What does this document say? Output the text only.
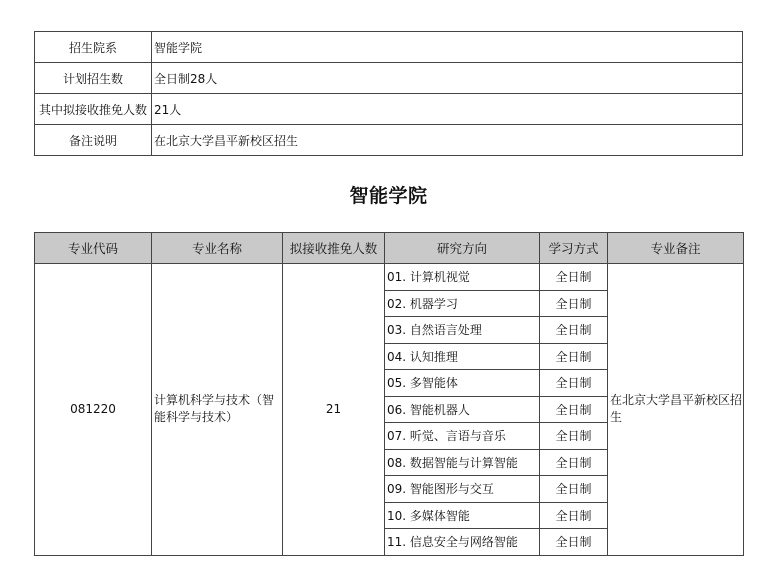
招生院系	智能学院
计划招生数	全日制28人
其中拟接收推免人数	21人
备注说明	在北京大学昌平新校区招生
智能学院
专业代码	专业名称	拟接收推免人数	研究方向	学习方式	专业备注
081220	计算机科学与技术（智能科学与技术）	21	01. 计算机视觉	全日制	在北京大学昌平新校区招生
			02. 机器学习	全日制	
			03. 自然语言处理	全日制	
			04. 认知推理	全日制	
			05. 多智能体	全日制	
			06. 智能机器人	全日制	
			07. 听觉、言语与音乐	全日制	
			08. 数据智能与计算智能	全日制	
			09. 智能图形与交互	全日制	
			10. 多媒体智能	全日制	
			11. 信息安全与网络智能	全日制	
